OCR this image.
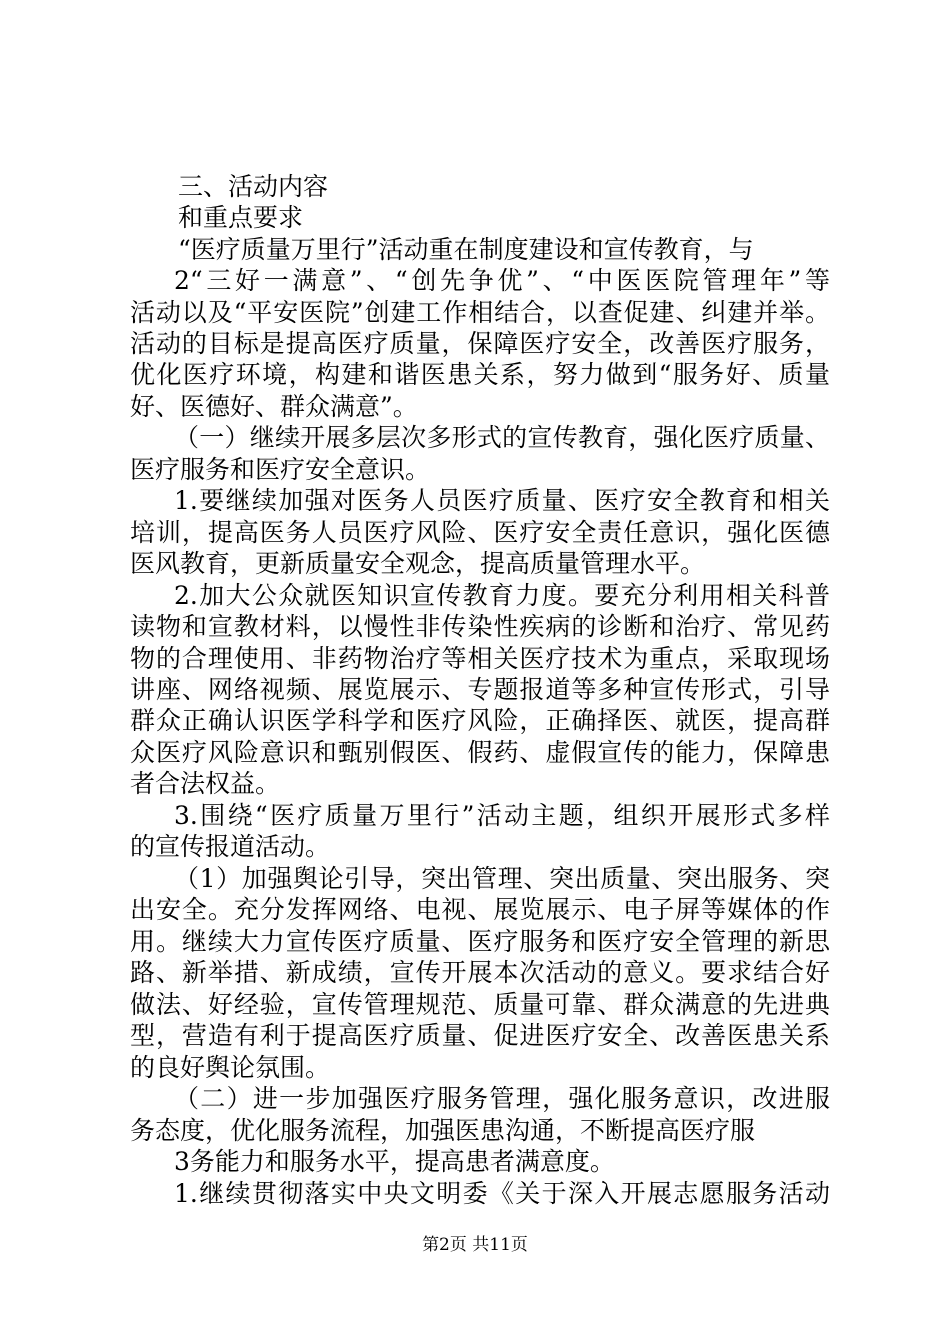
三、活动内容
和重点要求
“医疗质量万里行”活动重在制度建设和宣传教育，与
2“三好一满意”、“创先争优”、“中医医院管理年”等
活动以及“平安医院”创建工作相结合，以查促建、纠建并举。
活动的目标是提高医疗质量，保障医疗安全，改善医疗服务，
优化医疗环境，构建和谐医患关系，努力做到“服务好、质量
好、医德好、群众满意”。
（一）继续开展多层次多形式的宣传教育，强化医疗质量、
医疗服务和医疗安全意识。
1.要继续加强对医务人员医疗质量、医疗安全教育和相关
培训，提高医务人员医疗风险、医疗安全责任意识，强化医德
医风教育，更新质量安全观念，提高质量管理水平。
2.加大公众就医知识宣传教育力度。要充分利用相关科普
读物和宣教材料，以慢性非传染性疾病的诊断和治疗、常见药
物的合理使用、非药物治疗等相关医疗技术为重点，采取现场
讲座、网络视频、展览展示、专题报道等多种宣传形式，引导
群众正确认识医学科学和医疗风险，正确择医、就医，提高群
众医疗风险意识和甄别假医、假药、虚假宣传的能力，保障患
者合法权益。
3.围绕“医疗质量万里行”活动主题，组织开展形式多样
的宣传报道活动。
（1）加强舆论引导，突出管理、突出质量、突出服务、突
出安全。充分发挥网络、电视、展览展示、电子屏等媒体的作
用。继续大力宣传医疗质量、医疗服务和医疗安全管理的新思
路、新举措、新成绩，宣传开展本次活动的意义。要求结合好
做法、好经验，宣传管理规范、质量可靠、群众满意的先进典
型，营造有利于提高医疗质量、促进医疗安全、改善医患关系
的良好舆论氛围。
（二）进一步加强医疗服务管理，强化服务意识，改进服
务态度，优化服务流程，加强医患沟通，不断提高医疗服
3务能力和服务水平，提高患者满意度。
1.继续贯彻落实中央文明委《关于深入开展志愿服务活动
第2页 共11页
